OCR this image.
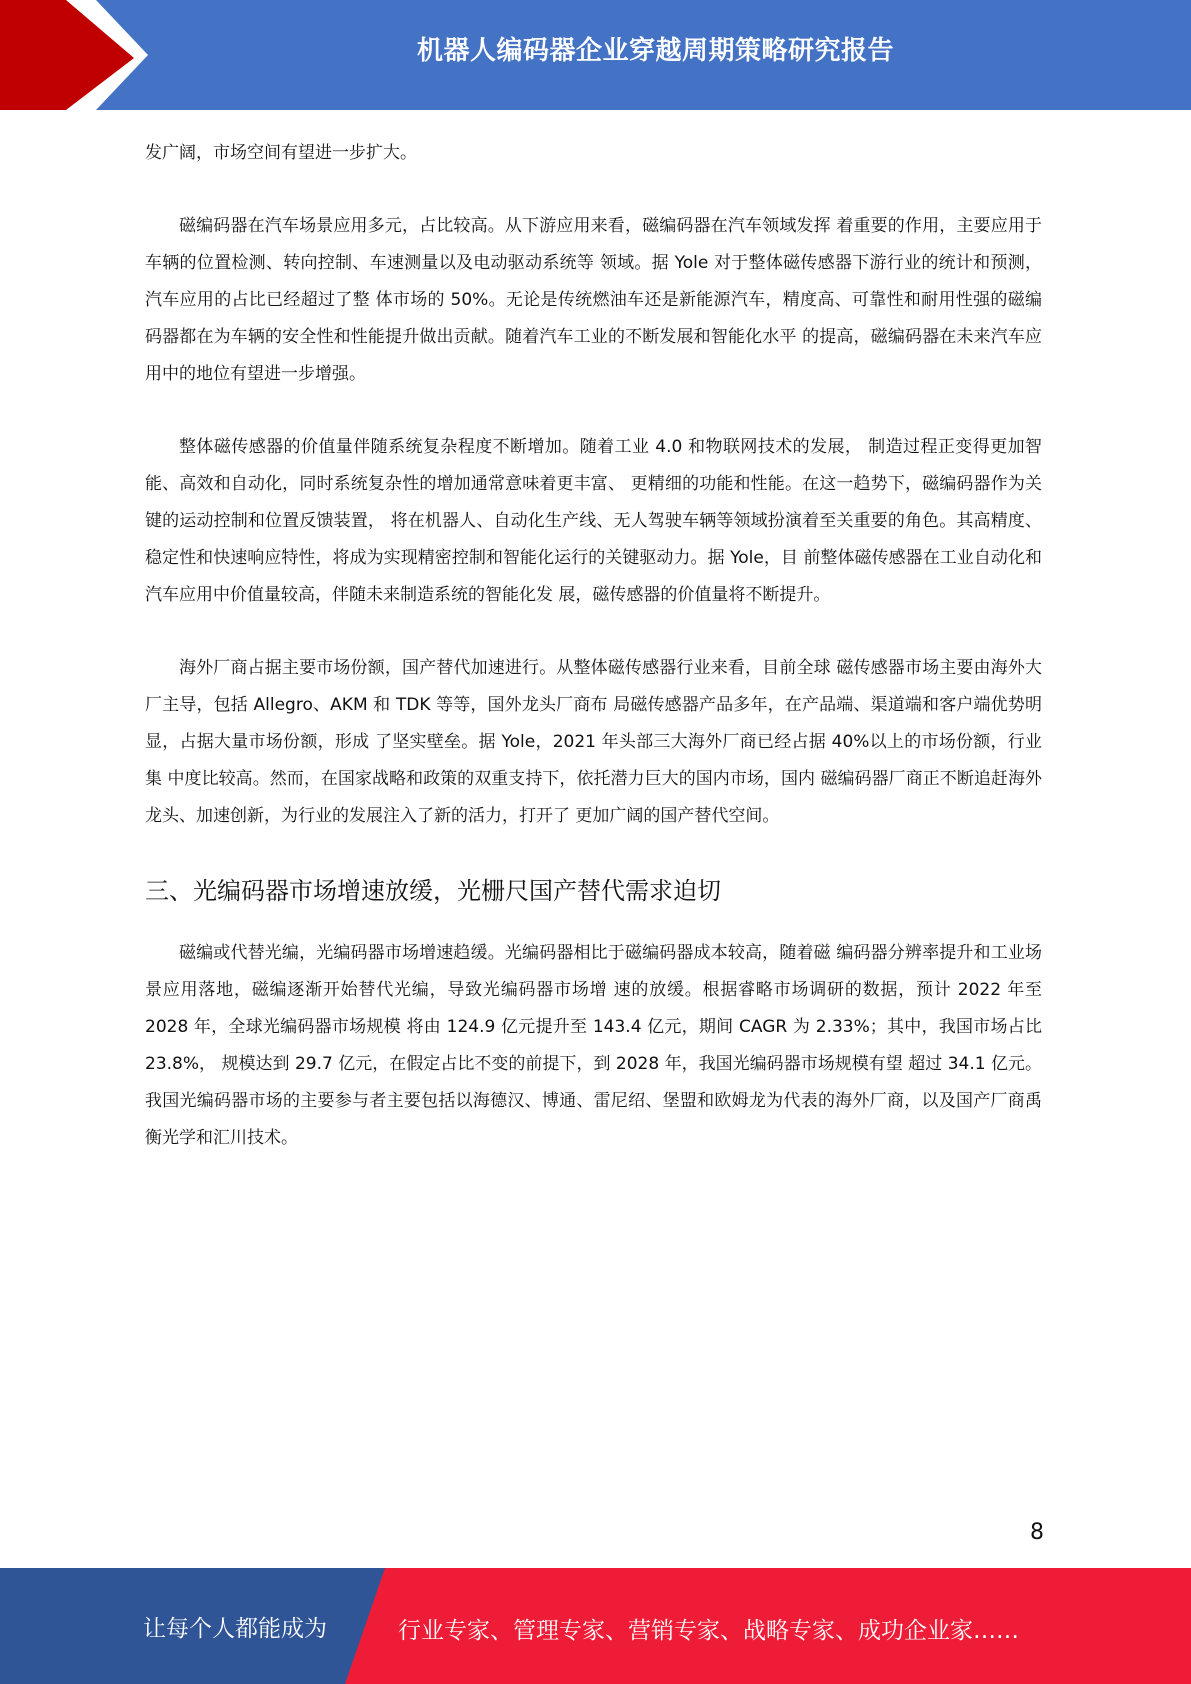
机器人编码器企业穿越周期策略研究报告

发广阔，市场空间有望进一步扩大。

磁编码器在汽车场景应用多元，占比较高。从下游应用来看，磁编码器在汽车领域发挥 着重要的作用，主要应用于车辆的位置检测、转向控制、车速测量以及电动驱动系统等 领域。据 Yole 对于整体磁传感器下游行业的统计和预测，汽车应用的占比已经超过了整 体市场的 50%。无论是传统燃油车还是新能源汽车，精度高、可靠性和耐用性强的磁编 码器都在为车辆的安全性和性能提升做出贡献。随着汽车工业的不断发展和智能化水平 的提高，磁编码器在未来汽车应用中的地位有望进一步增强。

整体磁传感器的价值量伴随系统复杂程度不断增加。随着工业 4.0 和物联网技术的发展， 制造过程正变得更加智能、高效和自动化，同时系统复杂性的增加通常意味着更丰富、 更精细的功能和性能。在这一趋势下，磁编码器作为关键的运动控制和位置反馈装置， 将在机器人、自动化生产线、无人驾驶车辆等领域扮演着至关重要的角色。其高精度、 稳定性和快速响应特性，将成为实现精密控制和智能化运行的关键驱动力。据 Yole，目 前整体磁传感器在工业自动化和汽车应用中价值量较高，伴随未来制造系统的智能化发 展，磁传感器的价值量将不断提升。

海外厂商占据主要市场份额，国产替代加速进行。从整体磁传感器行业来看，目前全球 磁传感器市场主要由海外大厂主导，包括 Allegro、AKM 和 TDK 等等，国外龙头厂商布 局磁传感器产品多年，在产品端、渠道端和客户端优势明显，占据大量市场份额，形成 了坚实壁垒。据 Yole，2021 年头部三大海外厂商已经占据 40%以上的市场份额，行业集 中度比较高。然而，在国家战略和政策的双重支持下，依托潜力巨大的国内市场，国内 磁编码器厂商正不断追赶海外龙头、加速创新，为行业的发展注入了新的活力，打开了 更加广阔的国产替代空间。

三、光编码器市场增速放缓，光栅尺国产替代需求迫切

磁编或代替光编，光编码器市场增速趋缓。光编码器相比于磁编码器成本较高，随着磁 编码器分辨率提升和工业场景应用落地，磁编逐渐开始替代光编，导致光编码器市场增 速的放缓。根据睿略市场调研的数据，预计 2022 年至 2028 年，全球光编码器市场规模 将由 124.9 亿元提升至 143.4 亿元，期间 CAGR 为 2.33%；其中，我国市场占比 23.8%， 规模达到 29.7 亿元，在假定占比不变的前提下，到 2028 年，我国光编码器市场规模有望 超过 34.1 亿元。我国光编码器市场的主要参与者主要包括以海德汉、博通、雷尼绍、堡盟和欧姆龙为代表的海外厂商，以及国产厂商禹衡光学和汇川技术。

8
让每个人都能成为	行业专家、管理专家、营销专家、战略专家、成功企业家……
